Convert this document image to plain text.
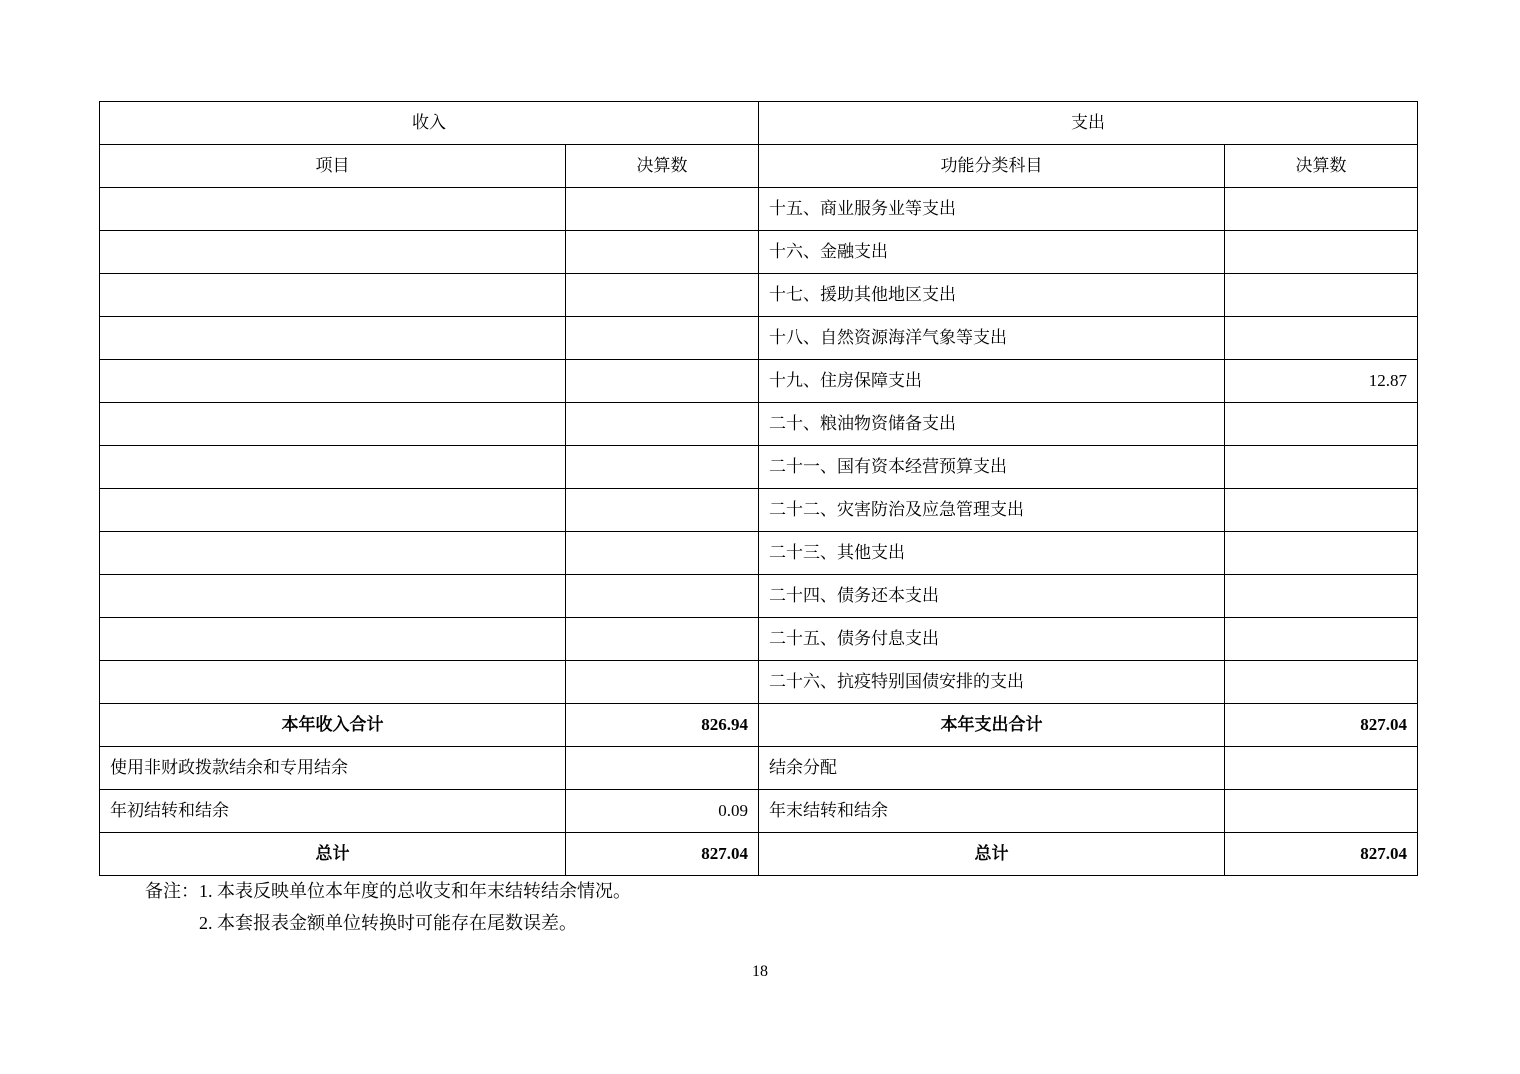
收入		支出	
项目	决算数	功能分类科目	决算数
		十五、商业服务业等支出	
		十六、金融支出	
		十七、援助其他地区支出	
		十八、自然资源海洋气象等支出	
		十九、住房保障支出	12.87
		二十、粮油物资储备支出	
		二十一、国有资本经营预算支出	
		二十二、灾害防治及应急管理支出	
		二十三、其他支出	
		二十四、债务还本支出	
		二十五、债务付息支出	
		二十六、抗疫特别国债安排的支出	
本年收入合计	826.94	本年支出合计	827.04
使用非财政拨款结余和专用结余		结余分配	
年初结转和结余	0.09	年末结转和结余	
总计	827.04	总计	827.04
备注：1. 本表反映单位本年度的总收支和年末结转结余情况。
2. 本套报表金额单位转换时可能存在尾数误差。
18
